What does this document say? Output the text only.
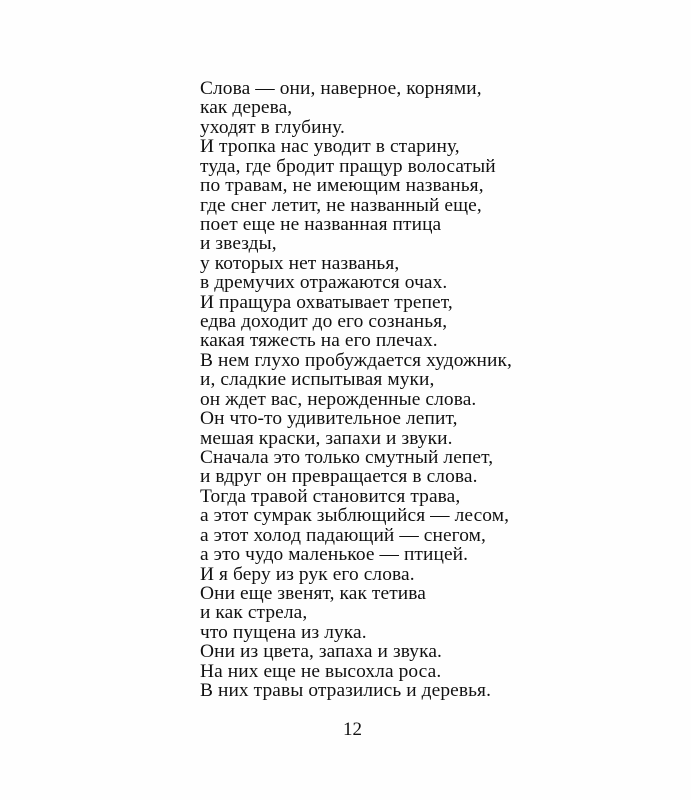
Слова — они, наверное, корнями,
как дерева,
уходят в глубину.
И тропка нас уводит в старину,
туда, где бродит пращур волосатый
по травам, не имеющим названья,
где снег летит, не названный еще,
поет еще не названная птица
и звезды,
у которых нет названья,
в дремучих отражаются очах.
И пращура охватывает трепет,
едва доходит до его сознанья,
какая тяжесть на его плечах.
В нем глухо пробуждается художник,
и, сладкие испытывая муки,
он ждет вас, нерожденные слова.
Он что-то удивительное лепит,
мешая краски, запахи и звуки.
Сначала это только смутный лепет,
и вдруг он превращается в слова.
Тогда травой становится трава,
а этот сумрак зыблющийся — лесом,
а этот холод падающий — снегом,
а это чудо маленькое — птицей.
И я беру из рук его слова.
Они еще звенят, как тетива
и как стрела,
что пущена из лука.
Они из цвета, запаха и звука.
На них еще не высохла роса.
В них травы отразились и деревья.
12
